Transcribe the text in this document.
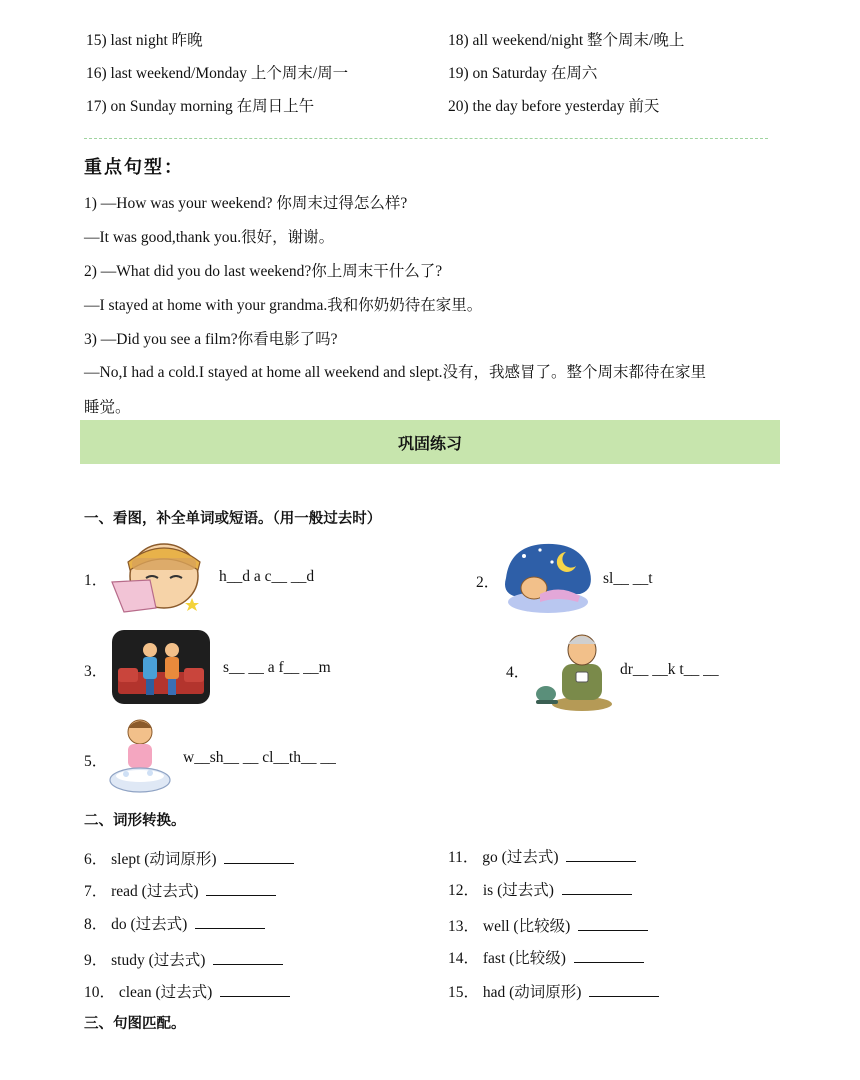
15) last night 昨晚
16) last weekend/Monday 上个周末/周一
17) on Sunday morning 在周日上午
18) all weekend/night 整个周末/晚上
19) on Saturday 在周六
20) the day before yesterday 前天
重点句型：
1) —How was your weekend? 你周末过得怎么样?
—It was good,thank you.很好，谢谢。
2) —What did you do last weekend?你上周末干什么了?
—I stayed at home with your grandma.我和你奶奶待在家里。
3) —Did you see a film?你看电影了吗?
—No,I had a cold.I stayed at home all weekend and slept.没有，我感冒了。整个周末都待在家里
睡觉。
巩固练习
一、看图，补全单词或短语。（用一般过去时）
1．	h__d a c__ __d	2．	sl__ __t
3．	s__ __ a f__ __m	4．	dr__ __k t__ __
5．	w__sh__ __ cl__th__ __
二、词形转换。
6． slept (动词原形)
7． read (过去式)
8． do (过去式)
9． study (过去式)
10． clean (过去式)
11． go (过去式)
12． is (过去式)
13． well (比较级)
14． fast (比较级)
15． had (动词原形)
三、句图匹配。
